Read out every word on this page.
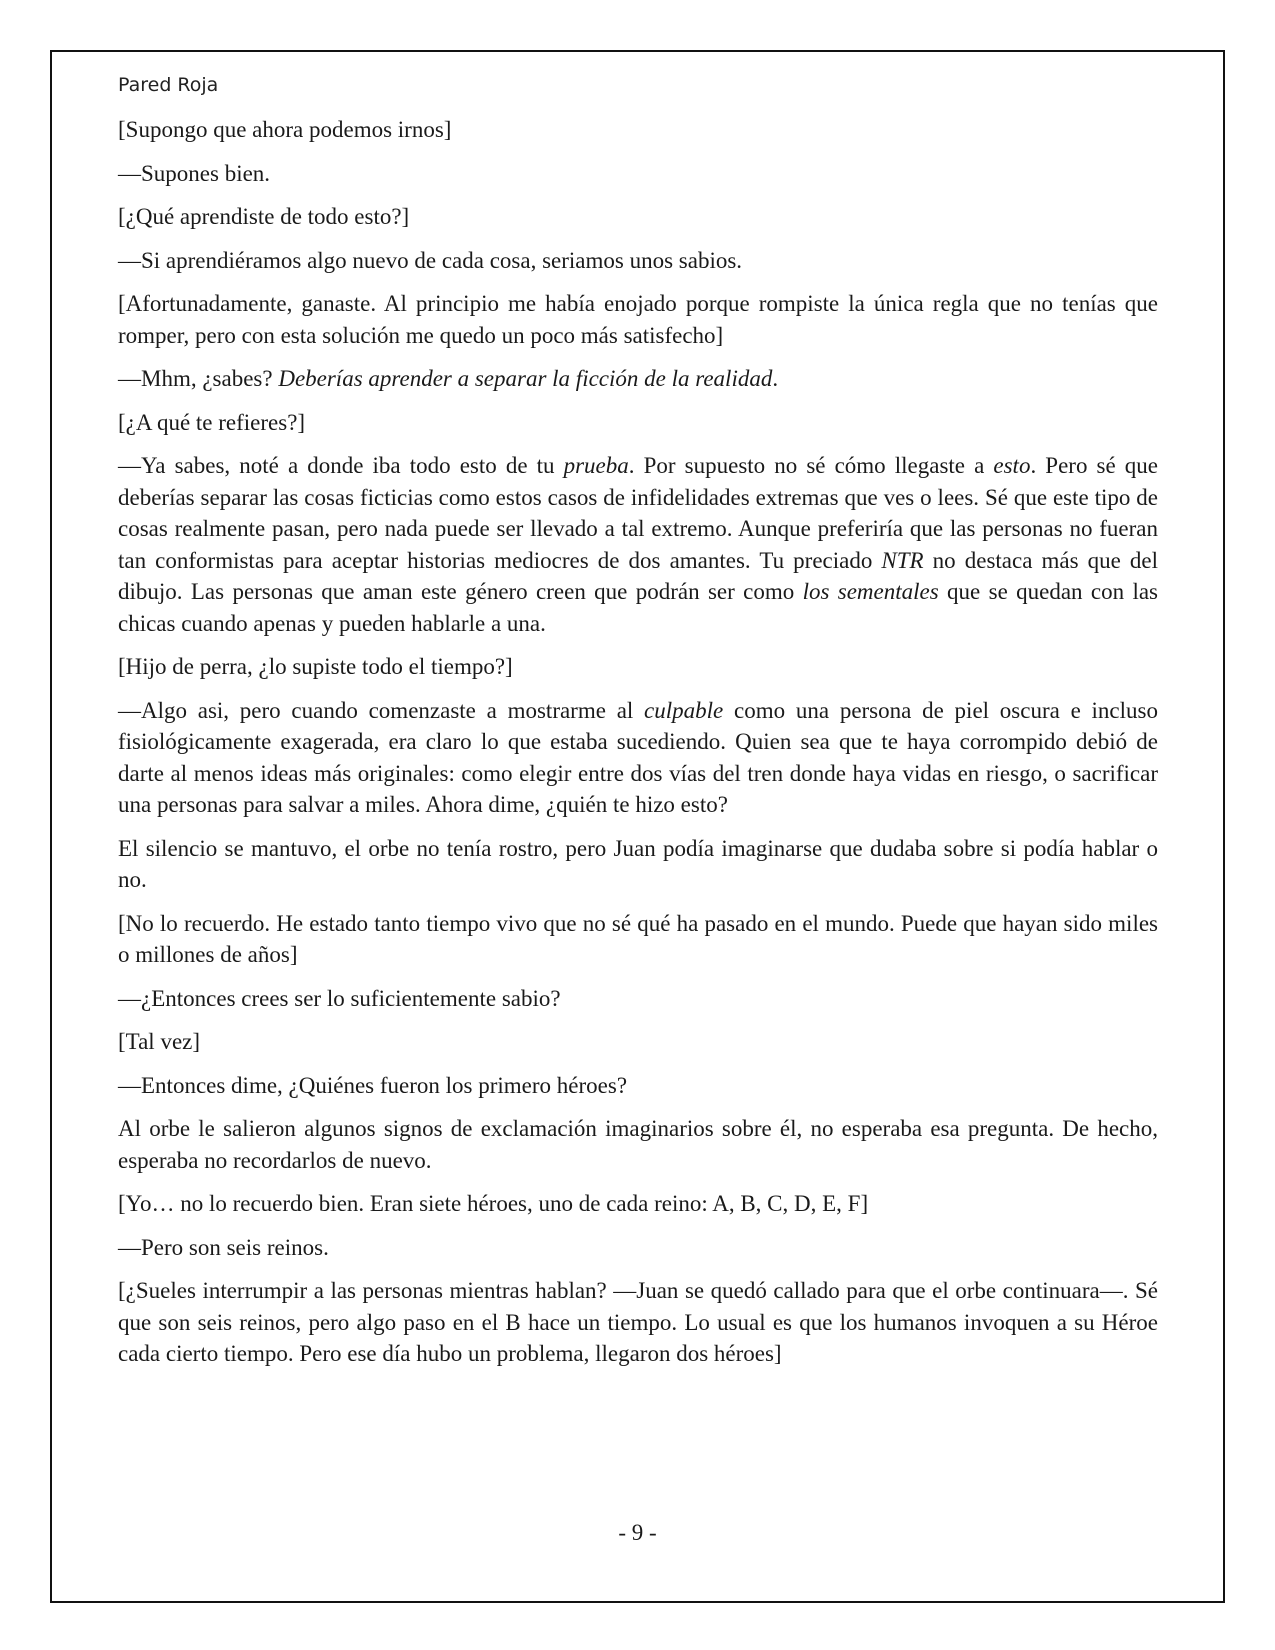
Pared Roja

[Supongo que ahora podemos irnos]

—Supones bien.

[¿Qué aprendiste de todo esto?]

—Si aprendiéramos algo nuevo de cada cosa, seriamos unos sabios.

[Afortunadamente, ganaste. Al principio me había enojado porque rompiste la única regla que no tenías que romper, pero con esta solución me quedo un poco más satisfecho]

—Mhm, ¿sabes? Deberías aprender a separar la ficción de la realidad.

[¿A qué te refieres?]

—Ya sabes, noté a donde iba todo esto de tu prueba. Por supuesto no sé cómo llegaste a esto. Pero sé que deberías separar las cosas ficticias como estos casos de infidelidades extremas que ves o lees. Sé que este tipo de cosas realmente pasan, pero nada puede ser llevado a tal extremo. Aunque preferiría que las personas no fueran tan conformistas para aceptar historias mediocres de dos amantes. Tu preciado NTR no destaca más que del dibujo. Las personas que aman este género creen que podrán ser como los sementales que se quedan con las chicas cuando apenas y pueden hablarle a una.

[Hijo de perra, ¿lo supiste todo el tiempo?]

—Algo asi, pero cuando comenzaste a mostrarme al culpable como una persona de piel oscura e incluso fisiológicamente exagerada, era claro lo que estaba sucediendo. Quien sea que te haya corrompido debió de darte al menos ideas más originales: como elegir entre dos vías del tren donde haya vidas en riesgo, o sacrificar una personas para salvar a miles. Ahora dime, ¿quién te hizo esto?

El silencio se mantuvo, el orbe no tenía rostro, pero Juan podía imaginarse que dudaba sobre si podía hablar o no.

[No lo recuerdo. He estado tanto tiempo vivo que no sé qué ha pasado en el mundo. Puede que hayan sido miles o millones de años]

—¿Entonces crees ser lo suficientemente sabio?

[Tal vez]

—Entonces dime, ¿Quiénes fueron los primero héroes?

Al orbe le salieron algunos signos de exclamación imaginarios sobre él, no esperaba esa pregunta. De hecho, esperaba no recordarlos de nuevo.

[Yo… no lo recuerdo bien. Eran siete héroes, uno de cada reino: A, B, C, D, E, F]

—Pero son seis reinos.

[¿Sueles interrumpir a las personas mientras hablan? —Juan se quedó callado para que el orbe continuara—. Sé que son seis reinos, pero algo paso en el B hace un tiempo. Lo usual es que los humanos invoquen a su Héroe cada cierto tiempo. Pero ese día hubo un problema, llegaron dos héroes]

- 9 -
